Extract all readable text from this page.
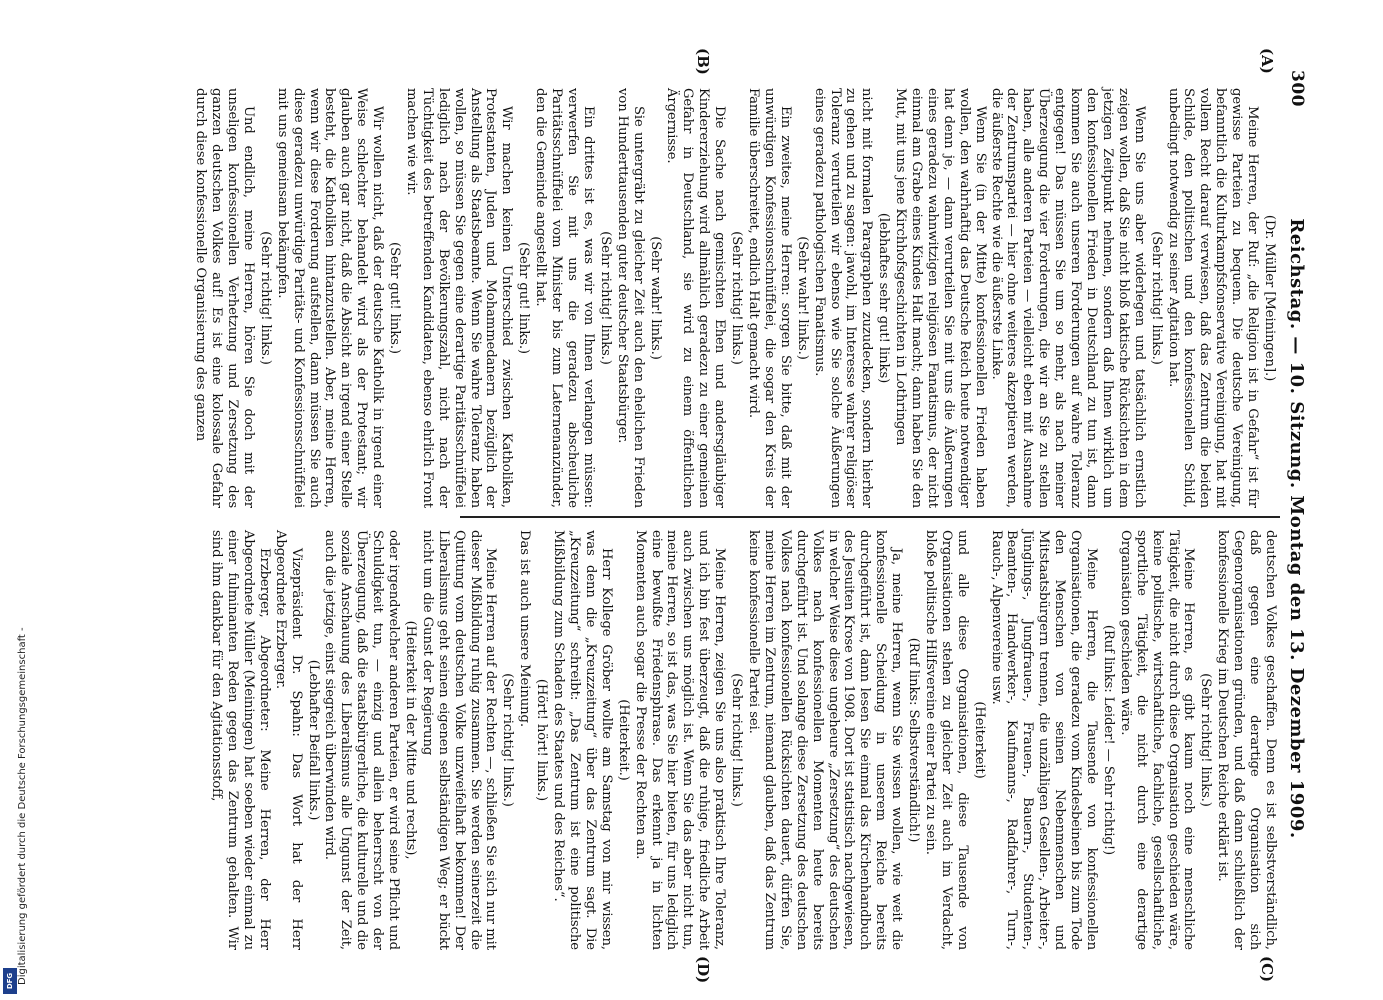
300
Reichstag. — 10. Sitzung. Montag den 13. Dezember 1909.
(A)
(B)
(C)
(D)

(Dr. Müller [Meiningen].)

Meine Herren, der Ruf: „die Religion ist in Gefahr“ ist für gewisse Parteien zu bequem. Die deutsche Vereinigung, befanntlich die Kulturkampfsfonservative Vereinigung, hat mit vollem Recht darauf verwiesen, daß das Zentrum die beiden Schilde, den politischen und den konfessionellen Schild, unbedingt notwendig zu seiner Agitation hat.

(Sehr richtig! links.)

Wenn Sie uns aber widerlegen und tatsächlich ernstlich zeigen wollen, daß Sie nicht bloß taktische Rücksichten in dem jetzigen Zeitpunkt nehmen, sondern daß Ihnen wirklich um den konfessionellen Frieden in Deutschland zu tun ist, dann kommen Sie auch unseren Forderungen auf wahre Toleranz entgegen! Das müssen Sie um so mehr, als nach meiner Überzeugung die vier Forderungen, die wir an Sie zu stellen haben, alle anderen Parteien — vielleicht eben mit Ausnahme der Zentrumspartei — hier ohne weiteres akzeptieren werden, die äußerste Rechte wie die äußerste Linke.

Wenn Sie (in der Mitte) konfessionellen Frieden haben wollen, den wahrhaftig das Deutsche Reich heute notwendiger hat denn je, — dann verurteilen Sie mit uns die Äußerungen eines geradezu wahnwitzigen religiösen Fanatismus, der nicht einmal am Grabe eines Kindes Halt macht; dann haben Sie den Mut, mit uns jene Kirchhofsgeschichten in Lothringen

(lebhaftes sehr gut! links)

nicht mit formalen Paragraphen zuzudecken, sondern hierher zu gehen und zu sagen: jawohl, im Interesse wahrer religiöser Toleranz verurteilen wir ebenso wie Sie solche Äußerungen eines geradezu pathologischen Fanatismus.

(Sehr wahr! links.)

Ein zweites, meine Herren: sorgen Sie bitte, daß mit der unwürdigen Konfessionsschnüffelei, die sogar den Kreis der Familie überschreitet, endlich Halt gemacht wird.

(Sehr richtig! links.)

Die Sache nach gemischten Ehen und andersgläubiger Kindererziehung wird allmählich geradezu zu einer gemeinen Gefahr in Deutschland, sie wird zu einem öffentlichen Ärgernisse.

(Sehr wahr! links.)

Sie untergräbt zu gleicher Zeit auch den ehelichen Frieden von Hunderttausenden guter deutscher Staatsbürger.

(Sehr richtig! links.)

Ein drittes ist es, was wir von Ihnen verlangen müssen: verwerfen Sie mit uns die geradezu abscheuliche Paritätsschnüffelei vom Minister bis zum Laternenanzünder, den die Gemeinde angestellt hat.

(Sehr gut! links.)

Wir machen keinen Unterschied zwischen Katholiken, Protestanten, Juden und Mohammedanern bezüglich der Anstellung als Staatsbeamte. Wenn Sie wahre Toleranz haben wollen, so müssen Sie gegen eine derartige Paritätsschnüffelei lediglich nach der Bevölkerungszahl, nicht nach der Tüchtigkeit des betreffenden Kandidaten, ebenso ehrlich Front machen wie wir.

(Sehr gut! links.)

Wir wollen nicht, daß der deutsche Katholik in irgend einer Weise schlechter behandelt wird als der Protestant; wir glauben auch gar nicht, daß die Absicht an irgend einer Stelle besteht, die Katholiken hintanzustellen. Aber, meine Herren, wenn wir diese Forderung aufstellen, dann müssen Sie auch diese geradezu unwürdige Paritäts- und Konfessionsschnüffelei mit uns gemeinsam bekämpfen.

(Sehr richtig! links.)

Und endlich, meine Herren, hören Sie doch mit der unseligen konfessionellen Verhetzung und Zersetzung des ganzen deutschen Volkes auf! Es ist eine kolossale Gefahr durch diese konfessionelle Organisierung des ganzen

deutschen Volkes geschaffen. Denn es ist selbstverständlich, daß gegen eine derartige Organisation sich Gegenorganisationen gründen, und daß dann schließlich der konfessionelle Krieg im Deutschen Reiche erklärt ist.

(Sehr richtig! links.)

Meine Herren, es gibt kaum noch eine menschliche Tätigkeit, die nicht durch diese Organisation geschieden wäre, keine politische, wirtschaftliche, fachliche, gesellschaftliche, sportliche Tätigkeit, die nicht durch eine derartige Organisation geschieden wäre.

(Ruf links: Leider! — Sehr richtig!)

Meine Herren, die Tausende von konfessionellen Organisationen, die geradezu vom Kindesbeinen bis zum Tode den Menschen von seinen Nebenmenschen und Mitstaatsbürgern trennen, die unzähligen Gesellen-, Arbeiter-, Jünglings-, Jungfrauen-, Frauen-, Bauern-, Studenten-, Beamten-, Handwerker-, Kaufmanns-, Radfahrer-, Turn-, Rauch-, Alpenvereine usw.

(Heiterkeit)

und alle diese Organisationen, diese Tausende von Organisationen stehen zu gleicher Zeit auch im Verdacht, bloße politische Hilfsvereine einer Partei zu sein.

(Ruf links: Selbstverständlich!)

Ja, meine Herren, wenn Sie wissen wollen, wie weit die konfessionelle Scheidung in unserem Reiche bereits durchgeführt ist, dann lesen Sie einmal das Kirchenhandbuch des Jesuiten Krose von 1908. Dort ist statistisch nachgewiesen, in welcher Weise diese ungeheure „Zersetzung“ des deutschen Volkes nach konfessionellen Momenten heute bereits durchgeführt ist. Und solange diese Zersetzung des deutschen Volkes nach konfessionellen Rücksichten dauert, dürfen Sie, meine Herren im Zentrum, niemand glauben, daß das Zentrum keine konfessionelle Partei sei.

(Sehr richtig! links.)

Meine Herren, zeigen Sie uns also praktisch Ihre Toleranz, und ich bin fest überzeugt, daß die ruhige, friedliche Arbeit auch zwischen uns möglich ist. Wenn Sie das aber nicht tun, meine Herren, so ist das, was Sie hier bieten, für uns lediglich eine bewußte Friedensphrase. Das erkennt ja in lichten Momenten auch sogar die Presse der Rechten an.

(Heiterkeit.)

Herr Kollege Gröber wollte am Samstag von mir wissen, was denn die „Kreuzzeitung“ über das Zentrum sagt. Die „Kreuzzeitung“ schreibt: „Das Zentrum ist eine politische Mißbildung zum Schaden des Staates und des Reiches“.

(Hört! hört! links.)

Das ist auch unsere Meinung.

(Sehr richtig! links.)

Meine Herren auf der Rechten —, schließen Sie sich nur mit dieser Mißbildung ruhig zusammen. Sie werden seinerzeit die Quittung vom deutschen Volke unzweifelhaft bekommen! Der Liberalismus geht seinen eigenen selbständigen Weg; er bückt nicht um die Gunst der Regierung

(Heiterkeit in der Mitte und rechts),

oder irgendwelcher anderen Parteien, er wird seine Pflicht und Schuldigkeit tun, — einzig und allein beherrscht von der Überzeugung, daß die staatsbürgerliche, die kulturelle und die soziale Anschauung des Liberalismus alle Ungunst der Zeit, auch die jetzige, einst siegreich überwinden wird.

(Lebhafter Beifall links.)

Vizepräsident Dr. Spahn: Das Wort hat der Herr Abgeordnete Erzberger.

Erzberger, Abgeordneter: Meine Herren, der Herr Abgeordnete Müller (Meiningen) hat soeben wieder einmal zu einer fulminanten Reden gegen das Zentrum gehalten. Wir sind ihm dankbar für den Agitationsstoff,

Digitalisierung gefördert durch die Deutsche Forschungsgemeinschaft -
DFG
